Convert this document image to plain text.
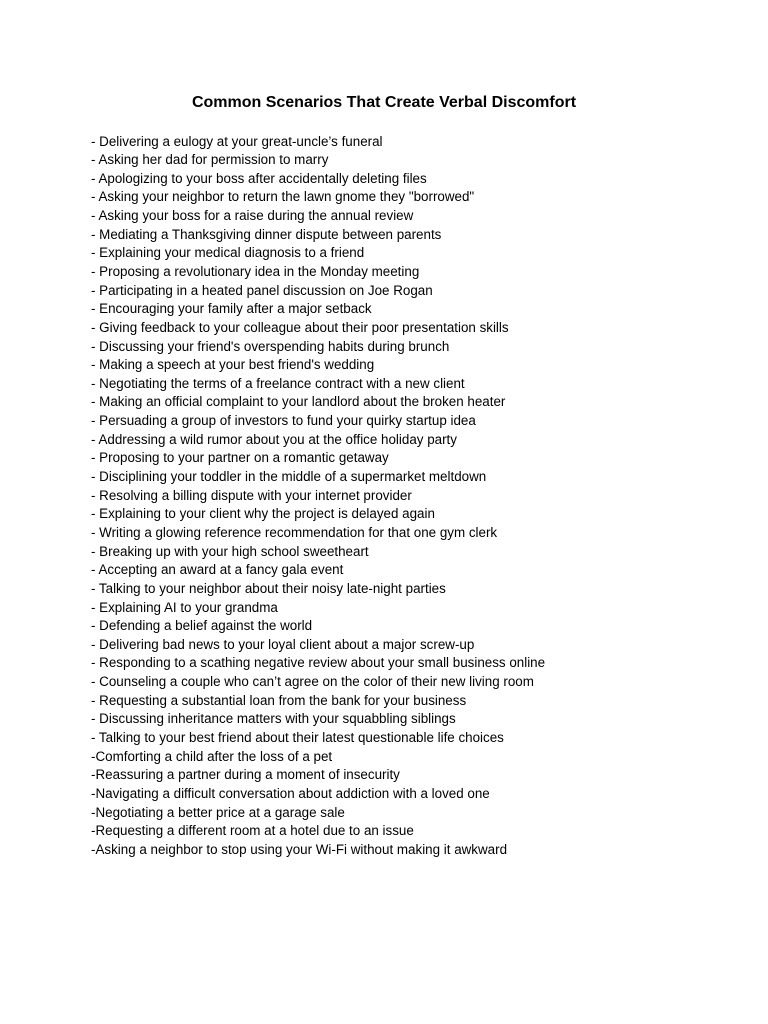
Common Scenarios That Create Verbal Discomfort
- Delivering a eulogy at your great-uncle’s funeral
- Asking her dad for permission to marry
- Apologizing to your boss after accidentally deleting files
- Asking your neighbor to return the lawn gnome they "borrowed"
- Asking your boss for a raise during the annual review
- Mediating a Thanksgiving dinner dispute between parents
- Explaining your medical diagnosis to a friend
- Proposing a revolutionary idea in the Monday meeting
- Participating in a heated panel discussion on Joe Rogan
- Encouraging your family after a major setback
- Giving feedback to your colleague about their poor presentation skills
- Discussing your friend's overspending habits during brunch
- Making a speech at your best friend's wedding
- Negotiating the terms of a freelance contract with a new client
- Making an official complaint to your landlord about the broken heater
- Persuading a group of investors to fund your quirky startup idea
- Addressing a wild rumor about you at the office holiday party
- Proposing to your partner on a romantic getaway
- Disciplining your toddler in the middle of a supermarket meltdown
- Resolving a billing dispute with your internet provider
- Explaining to your client why the project is delayed again
- Writing a glowing reference recommendation for that one gym clerk
- Breaking up with your high school sweetheart
- Accepting an award at a fancy gala event
- Talking to your neighbor about their noisy late-night parties
- Explaining AI to your grandma
- Defending a belief against the world
- Delivering bad news to your loyal client about a major screw-up
- Responding to a scathing negative review about your small business online
- Counseling a couple who can’t agree on the color of their new living room
- Requesting a substantial loan from the bank for your business
- Discussing inheritance matters with your squabbling siblings
- Talking to your best friend about their latest questionable life choices
-Comforting a child after the loss of a pet
-Reassuring a partner during a moment of insecurity
-Navigating a difficult conversation about addiction with a loved one
-Negotiating a better price at a garage sale
-Requesting a different room at a hotel due to an issue
-Asking a neighbor to stop using your Wi-Fi without making it awkward
